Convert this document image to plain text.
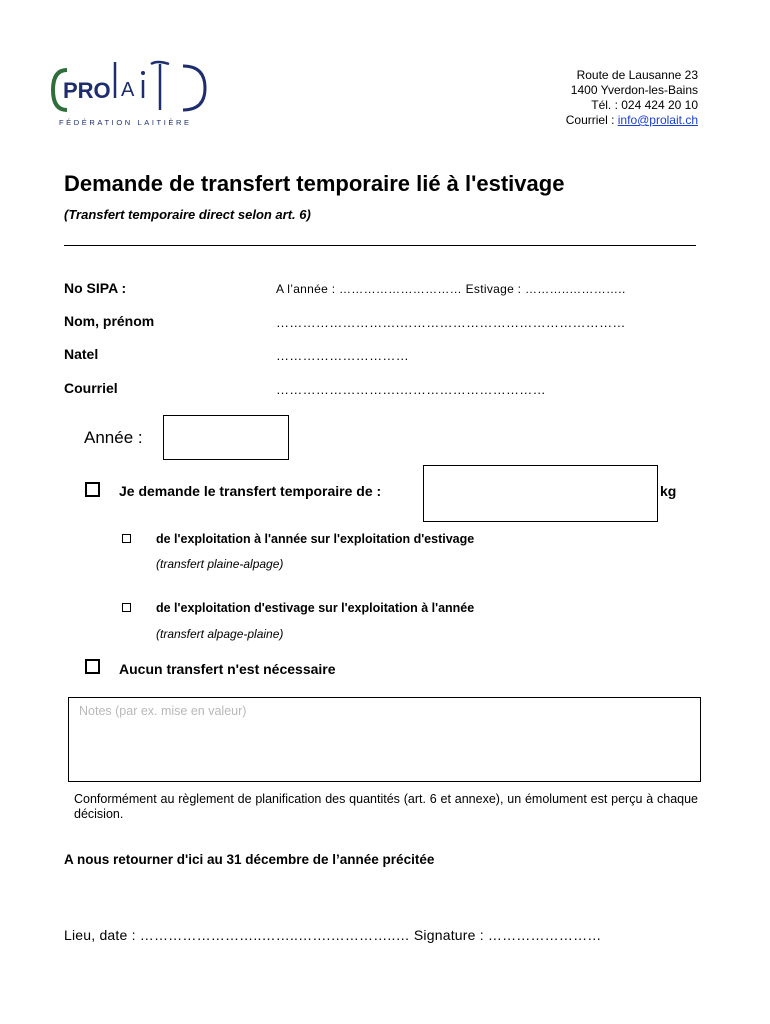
PRO A
FÉDÉRATION LAITIÈRE
Route de Lausanne 23
1400 Yverdon-les-Bains
Tél. : 024 424 20 10
Courriel : info@prolait.ch
Demande de transfert temporaire lié à l'estivage
(Transfert temporaire direct selon art. 6)
No SIPA :	A l’année : ………………………… Estivage : ………..…………..
Nom, prénom	……………………….……………………………………………
Natel	…………………………
Courriel	……………………….……………………………
Année :
Je demande le transfert temporaire de :	kg
de l'exploitation à l'année sur l'exploitation d'estivage
(transfert plaine-alpage)
de l'exploitation d'estivage sur l'exploitation à l'année
(transfert alpage-plaine)
Aucun transfert n'est nécessaire
Notes (par ex. mise en valeur)
Conformément au règlement de planification des quantités (art. 6 et annexe), un émolument est perçu à chaque décision.
A nous retourner d'ici au 31 décembre de l’année précitée
Lieu, date : ……………………..……..…….…………..… Signature : ……………………
